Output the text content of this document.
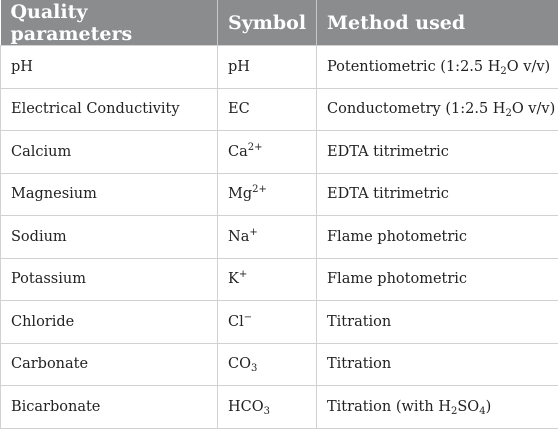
Quality parameters	Symbol	Method used
pH	pH	Potentiometric (1:2.5 $H_2O$ v/v)
Electrical Conductivity	EC	Conductometry (1:2.5 $H_2O$ v/v)
Calcium	$Ca^{2+}$	EDTA titrimetric
Magnesium	$Mg^{2+}$	EDTA titrimetric
Sodium	Na+	Flame photometric
Potassium	K+	Flame photometric
Chloride	Cl−	Titration
Carbonate	$CO_3$	Titration
Bicarbonate	$HCO_3$	Titration (with $H_2SO_4$)
